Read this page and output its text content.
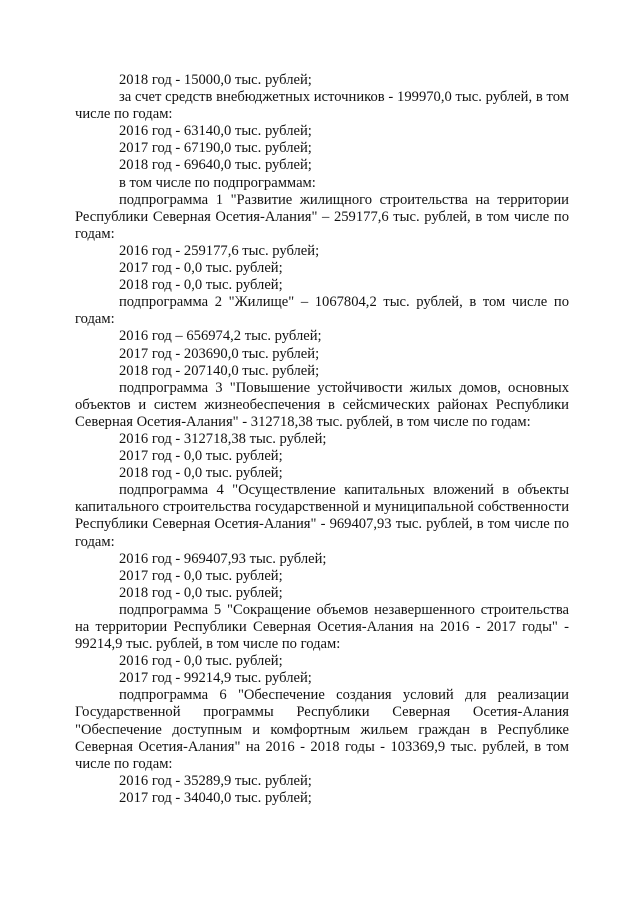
2018 год - 15000,0 тыс. рублей;

за счет средств внебюджетных источников - 199970,0 тыс. рублей, в том числе по годам:

2016 год - 63140,0 тыс. рублей;

2017 год - 67190,0 тыс. рублей;

2018 год - 69640,0 тыс. рублей;

в том числе по подпрограммам:

подпрограмма 1 "Развитие жилищного строительства на территории Республики Северная Осетия-Алания" – 259177,6 тыс. рублей, в том числе по годам:

2016 год - 259177,6 тыс. рублей;

2017 год - 0,0 тыс. рублей;

2018 год - 0,0 тыс. рублей;

подпрограмма 2 "Жилище" – 1067804,2 тыс. рублей, в том числе по годам:

2016 год – 656974,2 тыс. рублей;

2017 год - 203690,0 тыс. рублей;

2018 год - 207140,0 тыс. рублей;

подпрограмма 3 "Повышение устойчивости жилых домов, основных объектов и систем жизнеобеспечения в сейсмических районах Республики Северная Осетия-Алания" - 312718,38 тыс. рублей, в том числе по годам:

2016 год - 312718,38 тыс. рублей;

2017 год - 0,0 тыс. рублей;

2018 год - 0,0 тыс. рублей;

подпрограмма 4 "Осуществление капитальных вложений в объекты капитального строительства государственной и муниципальной собственности Республики Северная Осетия-Алания" - 969407,93 тыс. рублей, в том числе по годам:

2016 год - 969407,93 тыс. рублей;

2017 год - 0,0 тыс. рублей;

2018 год - 0,0 тыс. рублей;

подпрограмма 5 "Сокращение объемов незавершенного строительства на территории Республики Северная Осетия-Алания на 2016 - 2017 годы" - 99214,9 тыс. рублей, в том числе по годам:

2016 год - 0,0 тыс. рублей;

2017 год - 99214,9 тыс. рублей;

подпрограмма 6 "Обеспечение создания условий для реализации Государственной программы Республики Северная Осетия-Алания "Обеспечение доступным и комфортным жильем граждан в Республике Северная Осетия-Алания" на 2016 - 2018 годы - 103369,9 тыс. рублей, в том числе по годам:

2016 год - 35289,9 тыс. рублей;

2017 год - 34040,0 тыс. рублей;
